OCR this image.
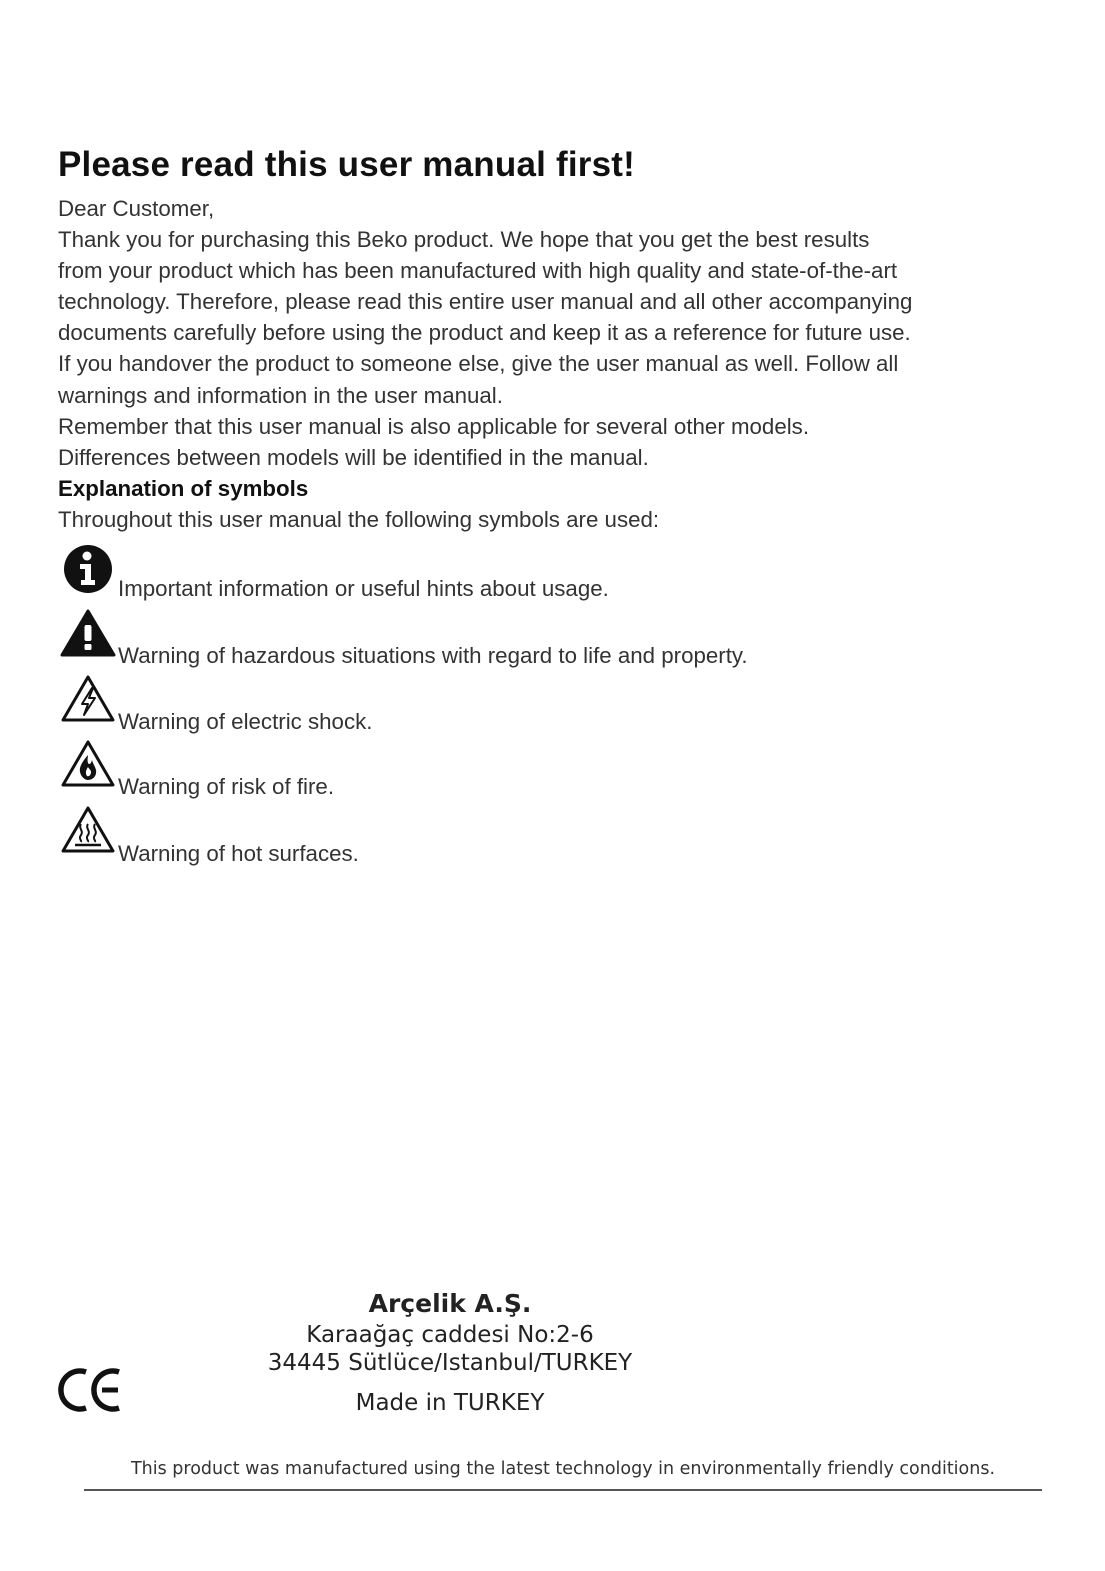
Please read this user manual first!

Dear Customer,

Thank you for purchasing this Beko product. We hope that you get the best results

from your product which has been manufactured with high quality and state-of-the-art

technology. Therefore, please read this entire user manual and all other accompanying

documents carefully before using the product and keep it as a reference for future use.

If you handover the product to someone else, give the user manual as well. Follow all

warnings and information in the user manual.

Remember that this user manual is also applicable for several other models.

Differences between models will be identified in the manual.

Explanation of symbols

Throughout this user manual the following symbols are used:

Important information or useful hints about usage.
Warning of hazardous situations with regard to life and property.
Warning of electric shock.
Warning of risk of fire.
Warning of hot surfaces.
Arçelik A.Ş.
Karaağaç caddesi No:2-6
34445 Sütlüce/Istanbul/TURKEY
Made in TURKEY
This product was manufactured using the latest technology in environmentally friendly conditions.
